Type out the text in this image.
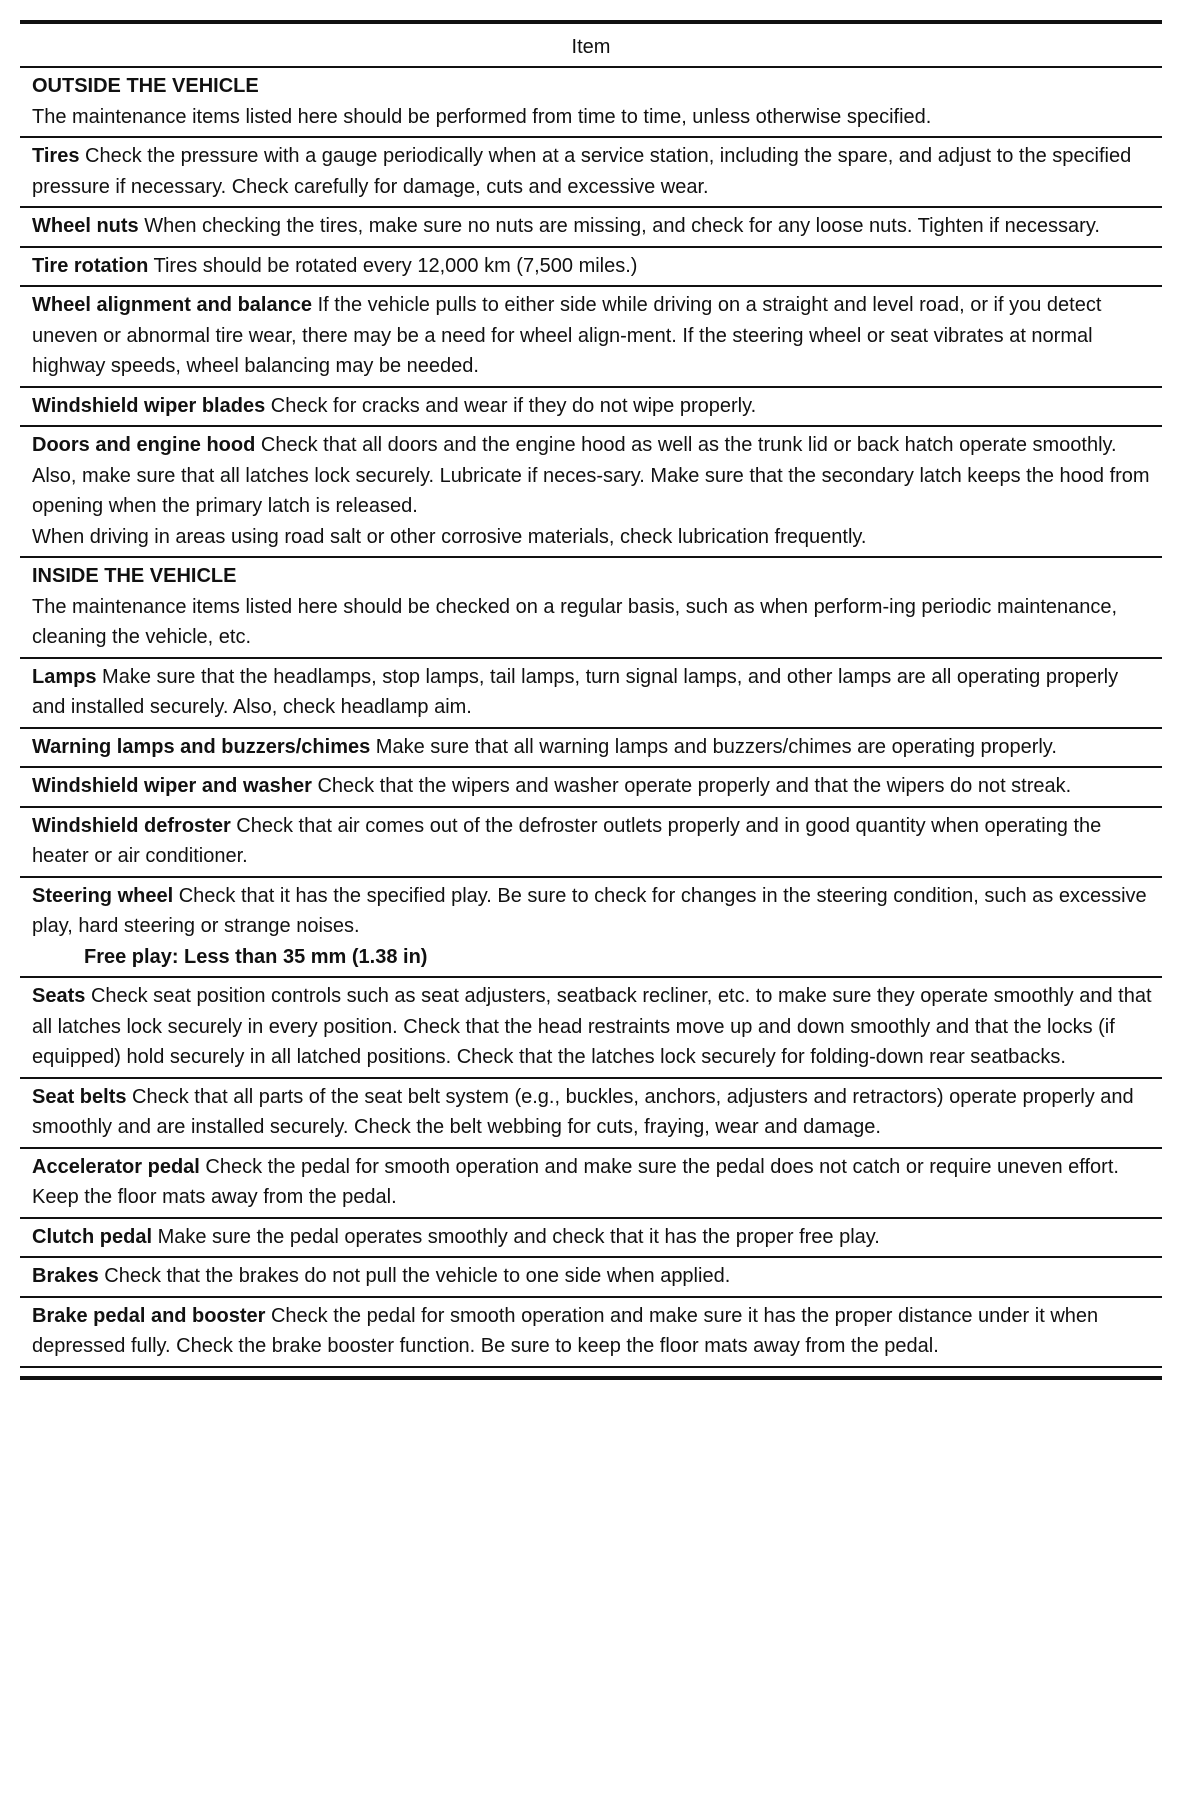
Item
OUTSIDE THE VEHICLE
The maintenance items listed here should be performed from time to time, unless otherwise specified.
Tires Check the pressure with a gauge periodically when at a service station, including the spare, and adjust to the specified pressure if necessary. Check carefully for damage, cuts and excessive wear.
Wheel nuts When checking the tires, make sure no nuts are missing, and check for any loose nuts. Tighten if necessary.
Tire rotation Tires should be rotated every 12,000 km (7,500 miles.)
Wheel alignment and balance If the vehicle pulls to either side while driving on a straight and level road, or if you detect uneven or abnormal tire wear, there may be a need for wheel align-ment. If the steering wheel or seat vibrates at normal highway speeds, wheel balancing may be needed.
Windshield wiper blades Check for cracks and wear if they do not wipe properly.
Doors and engine hood Check that all doors and the engine hood as well as the trunk lid or back hatch operate smoothly. Also, make sure that all latches lock securely. Lubricate if neces-sary. Make sure that the secondary latch keeps the hood from opening when the primary latch is released.
When driving in areas using road salt or other corrosive materials, check lubrication frequently.
INSIDE THE VEHICLE
The maintenance items listed here should be checked on a regular basis, such as when perform-ing periodic maintenance, cleaning the vehicle, etc.
Lamps Make sure that the headlamps, stop lamps, tail lamps, turn signal lamps, and other lamps are all operating properly and installed securely. Also, check headlamp aim.
Warning lamps and buzzers/chimes Make sure that all warning lamps and buzzers/chimes are operating properly.
Windshield wiper and washer Check that the wipers and washer operate properly and that the wipers do not streak.
Windshield defroster Check that air comes out of the defroster outlets properly and in good quantity when operating the heater or air conditioner.
Steering wheel Check that it has the specified play. Be sure to check for changes in the steering condition, such as excessive play, hard steering or strange noises.
Free play: Less than 35 mm (1.38 in)
Seats Check seat position controls such as seat adjusters, seatback recliner, etc. to make sure they operate smoothly and that all latches lock securely in every position. Check that the head restraints move up and down smoothly and that the locks (if equipped) hold securely in all latched positions. Check that the latches lock securely for folding-down rear seatbacks.
Seat belts Check that all parts of the seat belt system (e.g., buckles, anchors, adjusters and retractors) operate properly and smoothly and are installed securely. Check the belt webbing for cuts, fraying, wear and damage.
Accelerator pedal Check the pedal for smooth operation and make sure the pedal does not catch or require uneven effort. Keep the floor mats away from the pedal.
Clutch pedal Make sure the pedal operates smoothly and check that it has the proper free play.
Brakes Check that the brakes do not pull the vehicle to one side when applied.
Brake pedal and booster Check the pedal for smooth operation and make sure it has the proper distance under it when depressed fully. Check the brake booster function. Be sure to keep the floor mats away from the pedal.
